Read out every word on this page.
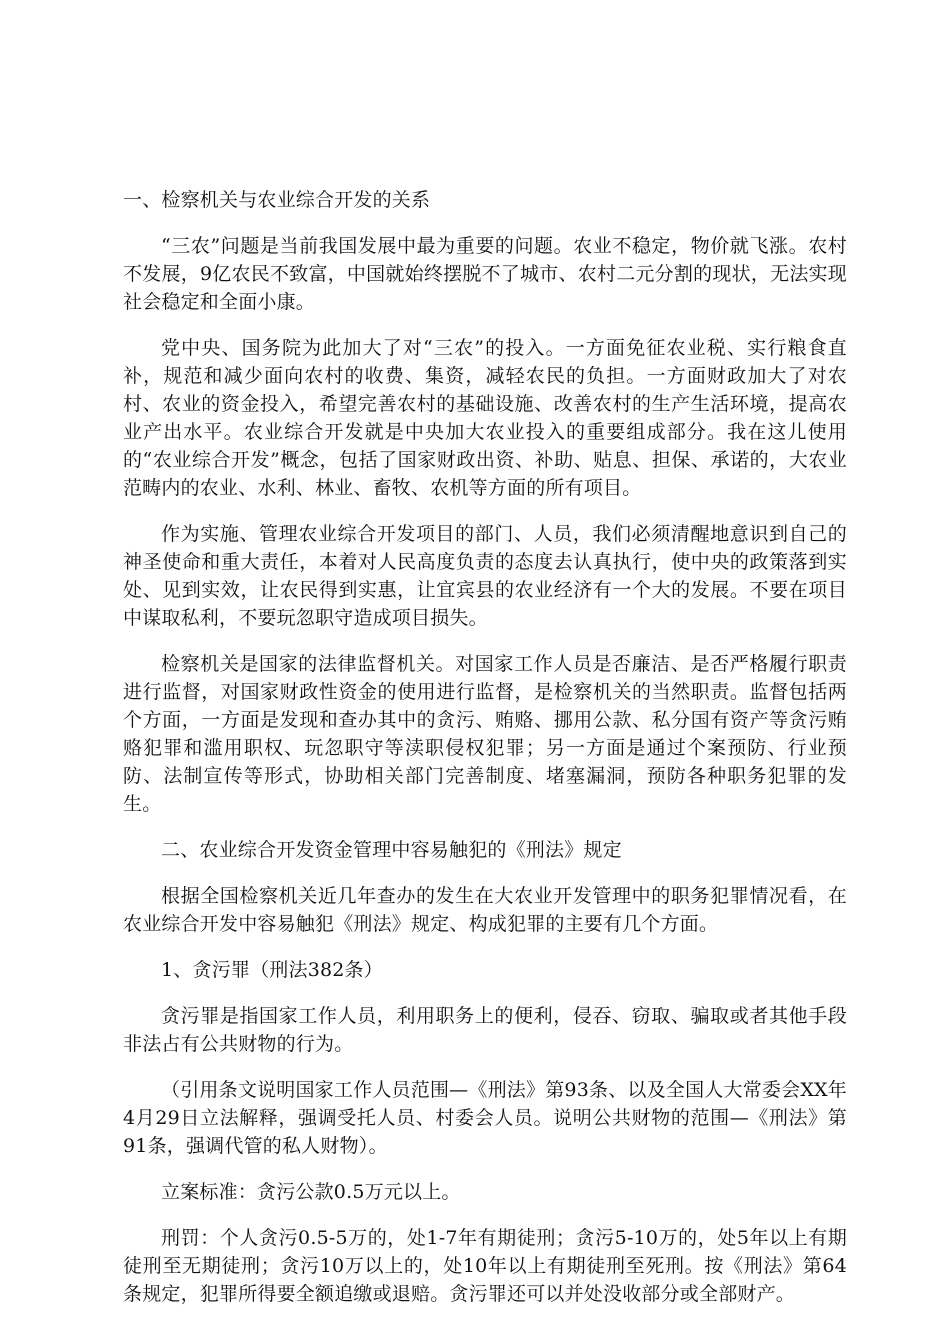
一、检察机关与农业综合开发的关系

“三农”问题是当前我国发展中最为重要的问题。农业不稳定，物价就飞涨。农村不发展，9亿农民不致富，中国就始终摆脱不了城市、农村二元分割的现状，无法实现社会稳定和全面小康。

党中央、国务院为此加大了对“三农”的投入。一方面免征农业税、实行粮食直补，规范和减少面向农村的收费、集资，减轻农民的负担。一方面财政加大了对农村、农业的资金投入，希望完善农村的基础设施、改善农村的生产生活环境，提高农业产出水平。农业综合开发就是中央加大农业投入的重要组成部分。我在这儿使用的“农业综合开发”概念，包括了国家财政出资、补助、贴息、担保、承诺的，大农业范畴内的农业、水利、林业、畜牧、农机等方面的所有项目。

作为实施、管理农业综合开发项目的部门、人员，我们必须清醒地意识到自己的神圣使命和重大责任，本着对人民高度负责的态度去认真执行，使中央的政策落到实处、见到实效，让农民得到实惠，让宜宾县的农业经济有一个大的发展。不要在项目中谋取私利，不要玩忽职守造成项目损失。

检察机关是国家的法律监督机关。对国家工作人员是否廉洁、是否严格履行职责进行监督，对国家财政性资金的使用进行监督，是检察机关的当然职责。监督包括两个方面，一方面是发现和查办其中的贪污、贿赂、挪用公款、私分国有资产等贪污贿赂犯罪和滥用职权、玩忽职守等渎职侵权犯罪；另一方面是通过个案预防、行业预防、法制宣传等形式，协助相关部门完善制度、堵塞漏洞，预防各种职务犯罪的发生。

二、农业综合开发资金管理中容易触犯的《刑法》规定

根据全国检察机关近几年查办的发生在大农业开发管理中的职务犯罪情况看，在农业综合开发中容易触犯《刑法》规定、构成犯罪的主要有几个方面。

1、贪污罪（刑法382条）

贪污罪是指国家工作人员，利用职务上的便利，侵吞、窃取、骗取或者其他手段非法占有公共财物的行为。

（引用条文说明国家工作人员范围—《刑法》第93条、以及全国人大常委会XX年4月29日立法解释，强调受托人员、村委会人员。说明公共财物的范围—《刑法》第91条，强调代管的私人财物）。

立案标准：贪污公款0.5万元以上。

刑罚：个人贪污0.5-5万的，处1-7年有期徒刑；贪污5-10万的，处5年以上有期徒刑至无期徒刑；贪污10万以上的，处10年以上有期徒刑至死刑。按《刑法》第64条规定，犯罪所得要全额追缴或退赔。贪污罪还可以并处没收部分或全部财产。
